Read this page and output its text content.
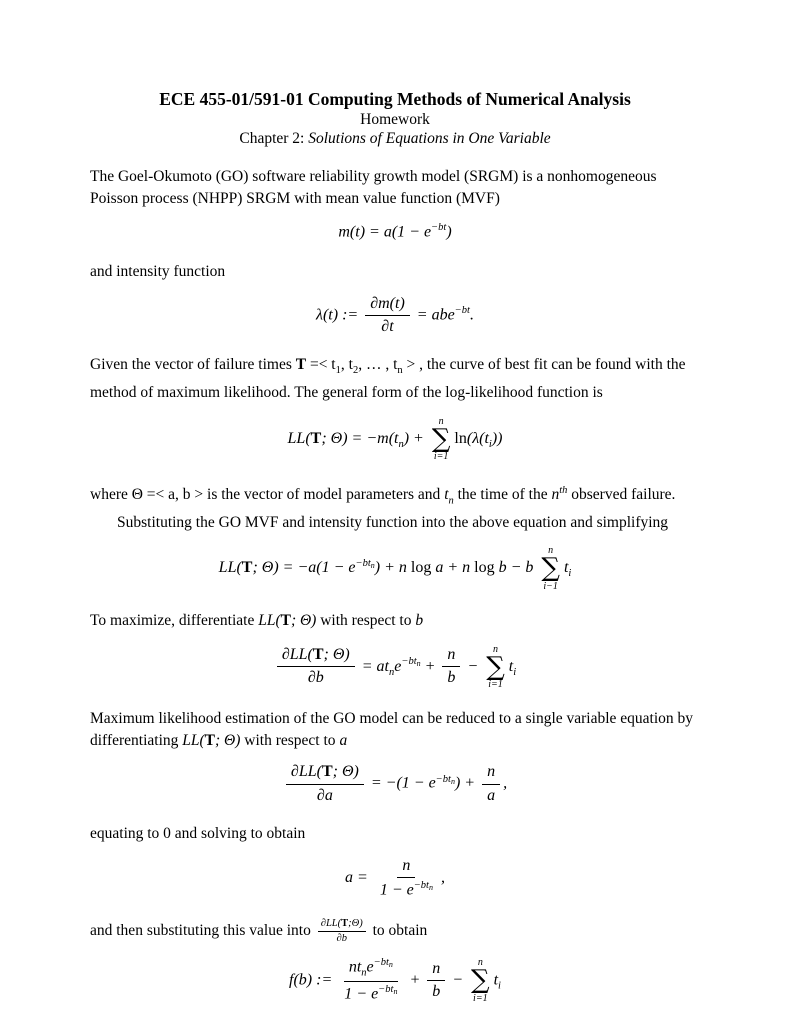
ECE 455-01/591-01 Computing Methods of Numerical Analysis
Homework
Chapter 2: Solutions of Equations in One Variable

The Goel-Okumoto (GO) software reliability growth model (SRGM) is a nonhomogeneous Poisson process (NHPP) SRGM with mean value function (MVF)

$m(t) = a(1 - e^{-bt})$

and intensity function

λ(t) := $\frac{\partial m(t)}{\partial t} = abe^{-bt}$.

Given the vector of failure times $T =< t_1$, $t_2$, … , $t_n$ > , the curve of best fit can be found with the method of maximum likelihood. The general form of the log-likelihood function is

LL(T; $\Theta) = -m(t_n)$ +
n
∑
i=1
$\ln(\lambda(t_i))$

where Θ =< a, b > is the vector of model parameters and $t_n$ the time of the $n^{th}$ observed failure.

Substituting the GO MVF and intensity function into the above equation and simplifying
LL(T; $\Theta) = -a(1 - e^{-btn}) + n$ log a + n log b − b
n
∑
i−1
$t_i$

To maximize, differentiate LL(T; Θ) with respect to b

$\frac{\partial LL(T; \Theta)}{\partial b} = at_ne^{-btn} + \frac{n}{b}$ −
n
∑
i=1
$t_i$

Maximum likelihood estimation of the GO model can be reduced to a single variable equation by differentiating LL(T; Θ) with respect to a

$\frac{\partial LL(T; \Theta)}{\partial a} = -(1 - e^{-btn}) + \frac{n}{a}$ ,

equating to 0 and solving to obtain

$a = \frac{n}{1 - e^{-btn}}$ ,

and then substituting this value into $\frac{\partial LL(T;\Theta)}{\partial b}$ to obtain

f(b) := $\frac{nt_ne^{-btn}}{1 - e^{-btn}} + \frac{n}{b}$ −
n
∑
i=1
$t_i$
